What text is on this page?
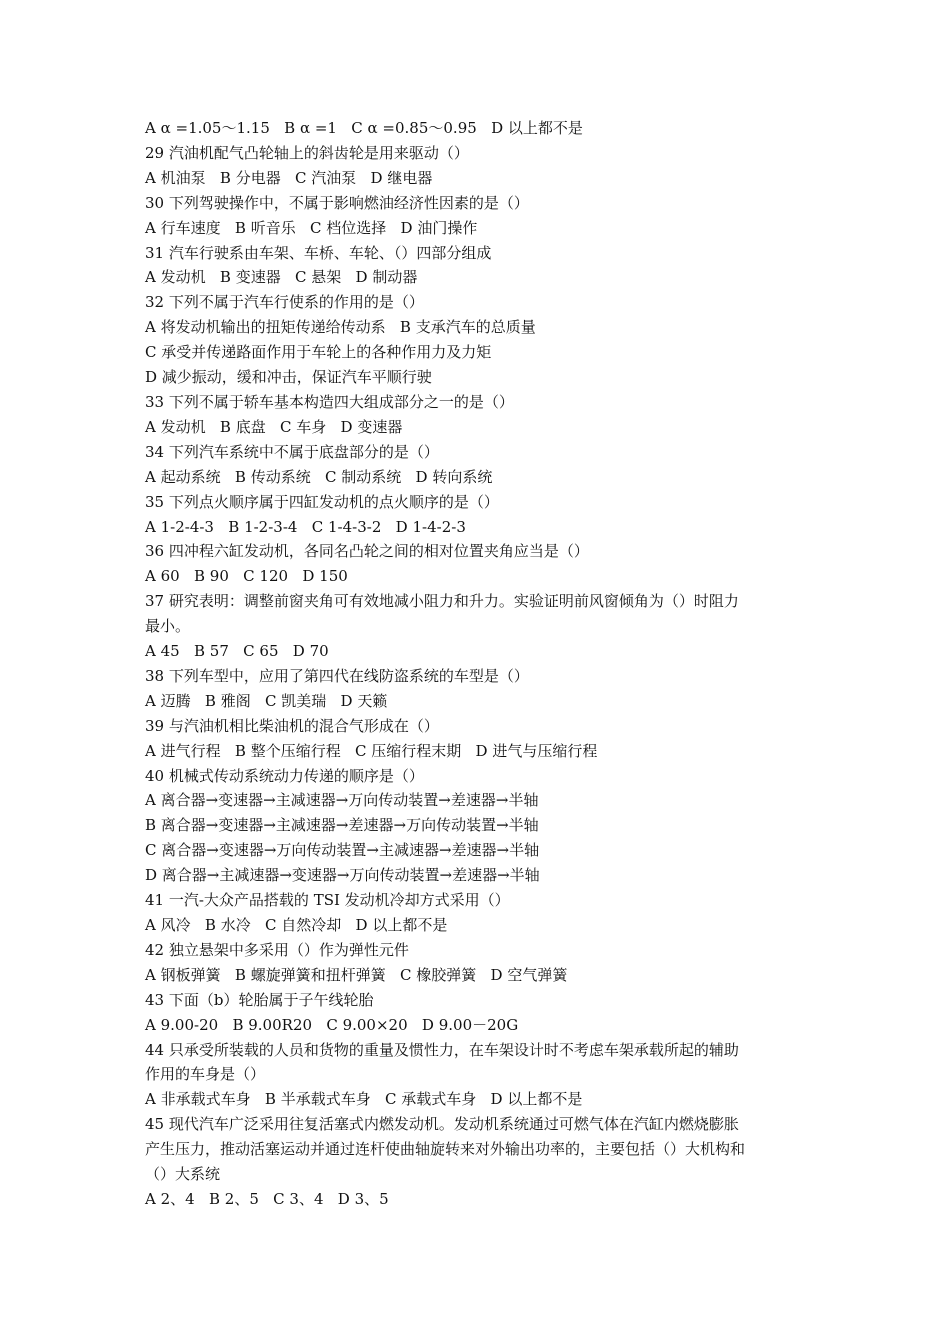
A α =1.05～1.15   B α =1   C α =0.85～0.95   D 以上都不是

29 汽油机配气凸轮轴上的斜齿轮是用来驱动（）

A 机油泵   B 分电器   C 汽油泵   D 继电器

30 下列驾驶操作中，不属于影响燃油经济性因素的是（）

A 行车速度   B 听音乐   C 档位选择   D 油门操作

31 汽车行驶系由车架、车桥、车轮、（）四部分组成

A 发动机   B 变速器   C 悬架   D 制动器

32 下列不属于汽车行使系的作用的是（）

A 将发动机输出的扭矩传递给传动系   B 支承汽车的总质量

C 承受并传递路面作用于车轮上的各种作用力及力矩

D 减少振动，缓和冲击，保证汽车平顺行驶

33 下列不属于轿车基本构造四大组成部分之一的是（）

A 发动机   B 底盘   C 车身   D 变速器

34 下列汽车系统中不属于底盘部分的是（）

A 起动系统   B 传动系统   C 制动系统   D 转向系统

35 下列点火顺序属于四缸发动机的点火顺序的是（）

A 1-2-4-3   B 1-2-3-4   C 1-4-3-2   D 1-4-2-3

36 四冲程六缸发动机，各同名凸轮之间的相对位置夹角应当是（）

A 60   B 90   C 120   D 150

37 研究表明：调整前窗夹角可有效地减小阻力和升力。实验证明前风窗倾角为（）时阻力

最小。

A 45   B 57   C 65   D 70

38 下列车型中，应用了第四代在线防盗系统的车型是（）

A 迈腾   B 雅阁   C 凯美瑞   D 天籁

39 与汽油机相比柴油机的混合气形成在（）

A 进气行程   B 整个压缩行程   C 压缩行程末期   D 进气与压缩行程

40 机械式传动系统动力传递的顺序是（）

A 离合器→变速器→主减速器→万向传动装置→差速器→半轴

B 离合器→变速器→主减速器→差速器→万向传动装置→半轴

C 离合器→变速器→万向传动装置→主减速器→差速器→半轴

D 离合器→主减速器→变速器→万向传动装置→差速器→半轴

41 一汽-大众产品搭载的 TSI 发动机冷却方式采用（）

A 风冷   B 水冷   C 自然冷却   D 以上都不是

42 独立悬架中多采用（）作为弹性元件

A 钢板弹簧   B 螺旋弹簧和扭杆弹簧   C 橡胶弹簧   D 空气弹簧

43 下面（b）轮胎属于子午线轮胎

A 9.00-20   B 9.00R20   C 9.00×20   D 9.00－20G

44 只承受所装载的人员和货物的重量及惯性力，在车架设计时不考虑车架承载所起的辅助

作用的车身是（）

A 非承载式车身   B 半承载式车身   C 承载式车身   D 以上都不是

45 现代汽车广泛采用往复活塞式内燃发动机。发动机系统通过可燃气体在汽缸内燃烧膨胀

产生压力，推动活塞运动并通过连杆使曲轴旋转来对外输出功率的，主要包括（）大机构和

（）大系统

A 2、4   B 2、5   C 3、4   D 3、5
